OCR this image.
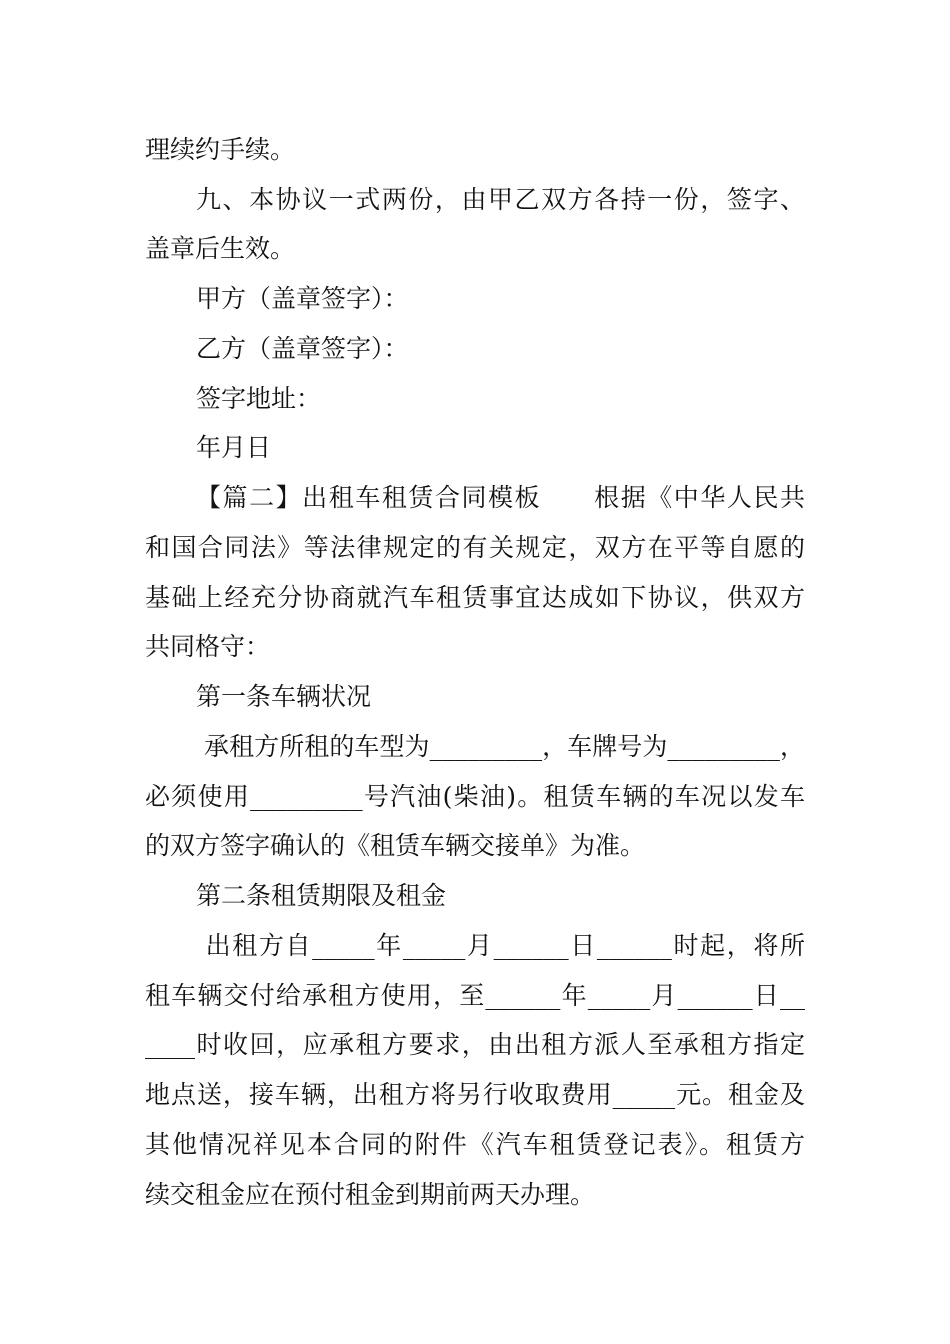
理续约手续。
九、本协议一式两份，由甲乙双方各持一份，签字、
盖章后生效。
甲方（盖章签字）：
乙方（盖章签字）：
签字地址：
年月日
【篇二】出租车租赁合同模板　　根据《中华人民共
和国合同法》等法律规定的有关规定，双方在平等自愿的
基础上经充分协商就汽车租赁事宜达成如下协议，供双方
共同格守：
第一条车辆状况
承租方所租的车型为_________，车牌号为_________，
必须使用_________号汽油(柴油)。租赁车辆的车况以发车
的双方签字确认的《租赁车辆交接单》为准。
第二条租赁期限及租金
出租方自_____年_____月______日______时起，将所
租车辆交付给承租方使用，至______年_____月______日__
____时收回，应承租方要求，由出租方派人至承租方指定
地点送，接车辆，出租方将另行收取费用_____元。租金及
其他情况祥见本合同的附件《汽车租赁登记表》。租赁方
续交租金应在预付租金到期前两天办理。
